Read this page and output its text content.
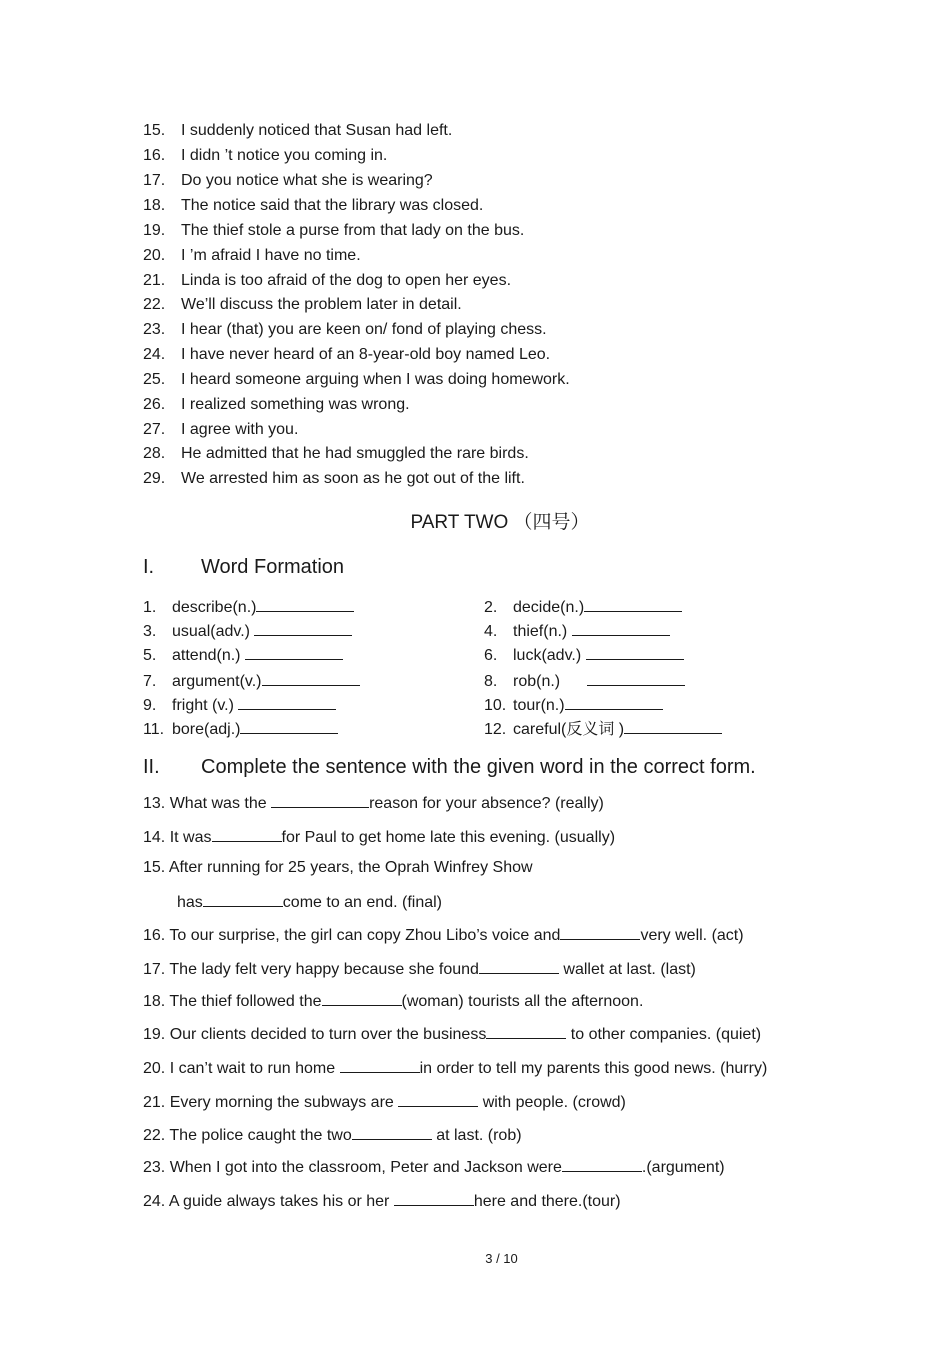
15. I suddenly noticed that Susan had left.
16. I didn ’t notice you coming in.
17. Do you notice what she is wearing?
18. The notice said that the library was closed.
19. The thief stole a purse from that lady on the bus.
20. I ’m afraid I have no time.
21. Linda is too afraid of the dog to open her eyes.
22. We’ll discuss the problem later in detail.
23. I hear (that) you are keen on/ fond of playing chess.
24. I have never heard of an 8-year-old boy named Leo.
25. I heard someone arguing when I was doing homework.
26. I realized something was wrong.
27. I agree with you.
28. He admitted that he had smuggled the rare birds.
29. We arrested him as soon as he got out of the lift.
PART TWO （四号）
I. Word Formation
1. describe(n.)	2. decide(n.)
3. usual(adv.)	4. thief(n.)
5. attend(n.)	6. luck(adv.)
7. argument(v.)	8. rob(n.)
9. fright (v.)	10. tour(n.)
11. bore(adj.)	12. careful(反义词 )
II. Complete the sentence with the given word in the correct form.
13. What was the	reason for your absence? (really)
14. It was	for Paul to get home late this evening. (usually)
15. After running for 25 years, the Oprah Winfrey Show
has	come to an end. (final)
16. To our surprise, the girl can copy Zhou Libo’s voice and	very well. (act)
17. The lady felt very happy because she found	wallet at last. (last)
18. The thief followed the	(woman) tourists all the afternoon.
19. Our clients decided to turn over the business	to other companies. (quiet)
20. I can’t wait to run home	in order to tell my parents this good news. (hurry)
21. Every morning the subways are	with people. (crowd)
22. The police caught the two	at last. (rob)
23. When I got into the classroom, Peter and Jackson were	.(argument)
24. A guide always takes his or her	here and there.(tour)
3 / 10
